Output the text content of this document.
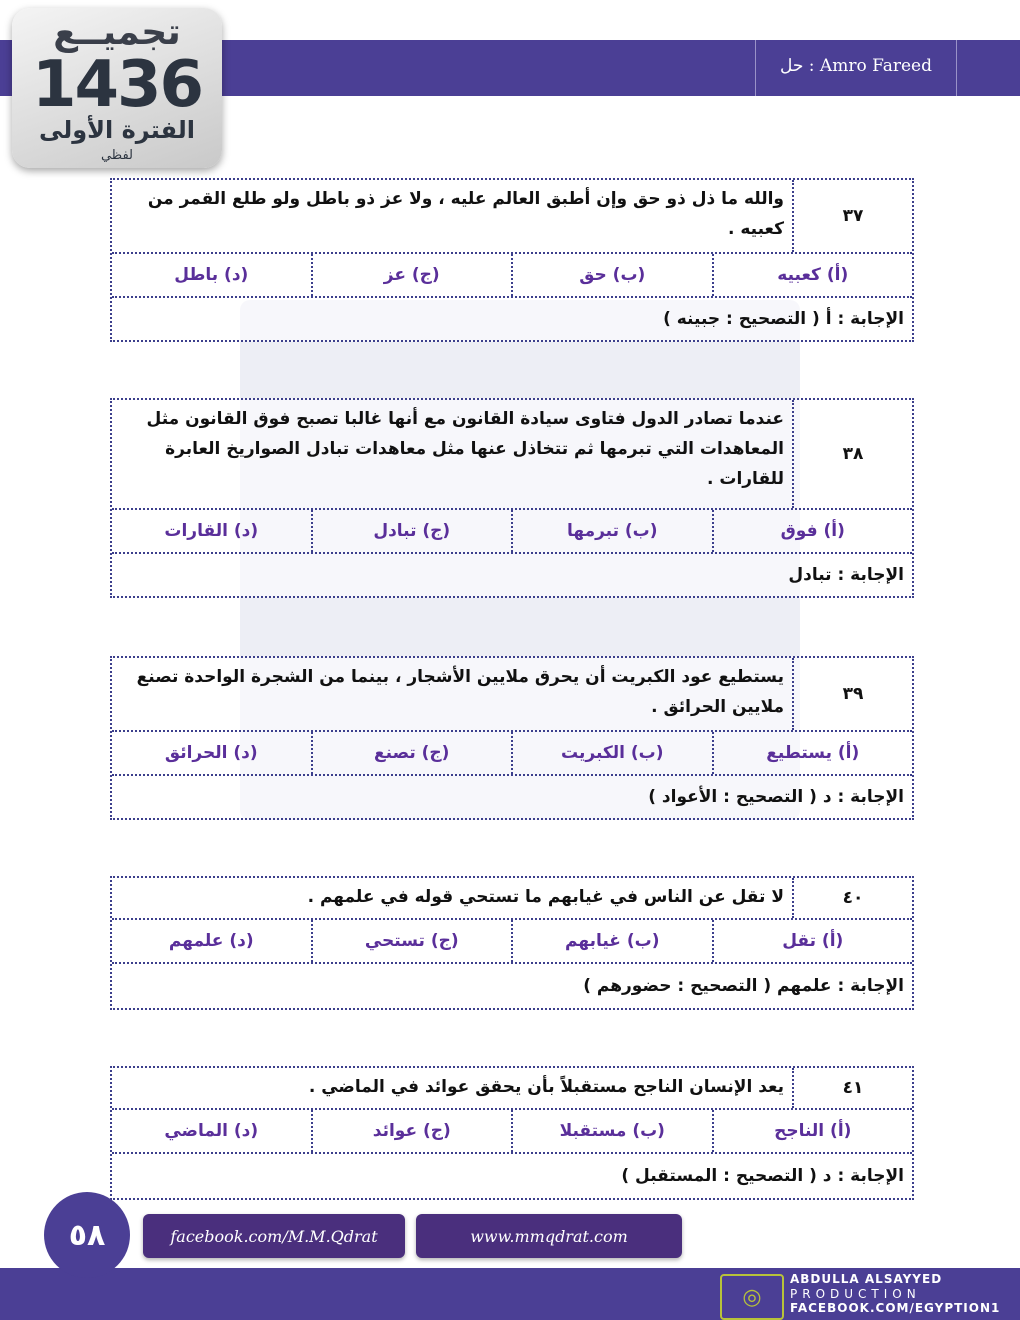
حل : Amro Fareed
تجميــع
1436
الفترة الأولى
لفظي
٣٧
والله ما ذل ذو حق وإن أطبق العالم عليه ، ولا عز ذو باطل ولو طلع القمر من كعبيه .
(أ) كعبيه
(ب) حق
(ج) عز
(د) باطل
الإجابة : أ ( التصحيح : جبينه )
٣٨
عندما تصادر الدول فتاوى سيادة القانون مع أنها غالبا تصبح فوق القانون مثل المعاهدات التي تبرمها ثم تتخاذل عنها مثل معاهدات تبادل الصواريخ العابرة للقارات .
(أ) فوق
(ب) تبرمها
(ج) تبادل
(د) القارات
الإجابة : تبادل
٣٩
يستطيع عود الكبريت أن يحرق ملايين الأشجار ، بينما من الشجرة الواحدة تصنع ملايين الحرائق .
(أ) يستطيع
(ب) الكبريت
(ج) تصنع
(د) الحرائق
الإجابة : د ( التصحيح : الأعواد )
٤٠
لا تقل عن الناس في غيابهم ما تستحي قوله في علمهم .
(أ) تقل
(ب) غيابهم
(ج) تستحي
(د) علمهم
الإجابة : علمهم ( التصحيح : حضورهم )
٤١
يعد الإنسان الناجح مستقبلاً بأن يحقق عوائد في الماضي .
(أ) الناجح
(ب) مستقبلا
(ج) عوائد
(د) الماضي
الإجابة : د ( التصحيح : المستقبل )
٥٨	facebook.com/M.M.Qdrat	www.mmqdrat.com
◎
ABDULLA ALSAYYED
PRODUCTION
FACEBOOK.COM/EGYPTION1
